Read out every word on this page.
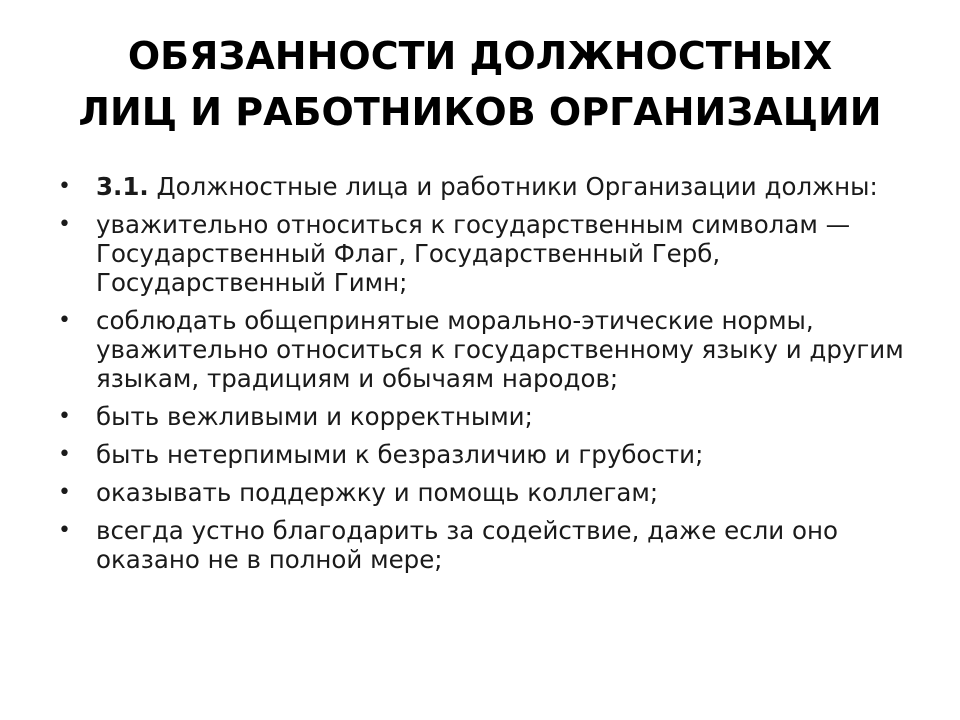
ОБЯЗАННОСТИ ДОЛЖНОСТНЫХ
ЛИЦ И РАБОТНИКОВ ОРГАНИЗАЦИИ
• 3.1. Должностные лица и работники Организации должны:
• уважительно относиться к государственным символам — Государственный Флаг, Государственный Герб, Государственный Гимн;
• соблюдать общепринятые морально-этические нормы, уважительно относиться к государственному языку и другим языкам, традициям и обычаям народов;
• быть вежливыми и корректными;
• быть нетерпимыми к безразличию и грубости;
• оказывать поддержку и помощь коллегам;
• всегда устно благодарить за содействие, даже если оно оказано не в полной мере;
